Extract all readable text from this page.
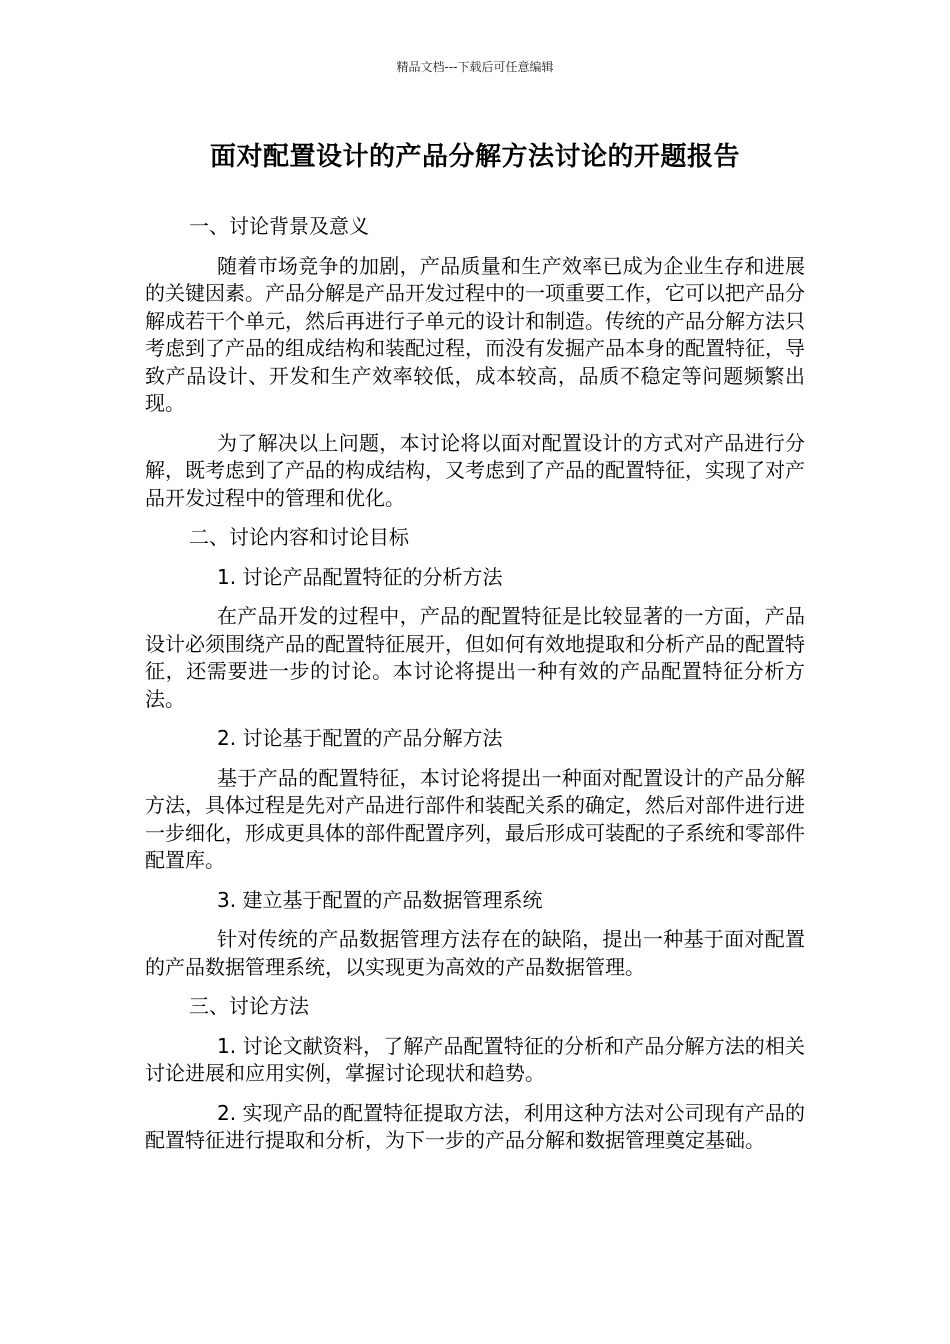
精品文档---下载后可任意编辑
面对配置设计的产品分解方法讨论的开题报告
一、讨论背景及意义

随着市场竞争的加剧，产品质量和生产效率已成为企业生存和进展的关键因素。产品分解是产品开发过程中的一项重要工作，它可以把产品分解成若干个单元，然后再进行子单元的设计和制造。传统的产品分解方法只考虑到了产品的组成结构和装配过程，而没有发掘产品本身的配置特征，导致产品设计、开发和生产效率较低，成本较高，品质不稳定等问题频繁出现。

为了解决以上问题，本讨论将以面对配置设计的方式对产品进行分解，既考虑到了产品的构成结构，又考虑到了产品的配置特征，实现了对产品开发过程中的管理和优化。

二、讨论内容和讨论目标
1. 讨论产品配置特征的分析方法

在产品开发的过程中，产品的配置特征是比较显著的一方面，产品设计必须围绕产品的配置特征展开，但如何有效地提取和分析产品的配置特征，还需要进一步的讨论。本讨论将提出一种有效的产品配置特征分析方法。

2. 讨论基于配置的产品分解方法

基于产品的配置特征，本讨论将提出一种面对配置设计的产品分解方法，具体过程是先对产品进行部件和装配关系的确定，然后对部件进行进一步细化，形成更具体的部件配置序列，最后形成可装配的子系统和零部件配置库。

3. 建立基于配置的产品数据管理系统

针对传统的产品数据管理方法存在的缺陷，提出一种基于面对配置的产品数据管理系统，以实现更为高效的产品数据管理。

三、讨论方法

1. 讨论文献资料，了解产品配置特征的分析和产品分解方法的相关讨论进展和应用实例，掌握讨论现状和趋势。

2. 实现产品的配置特征提取方法，利用这种方法对公司现有产品的配置特征进行提取和分析，为下一步的产品分解和数据管理奠定基础。
